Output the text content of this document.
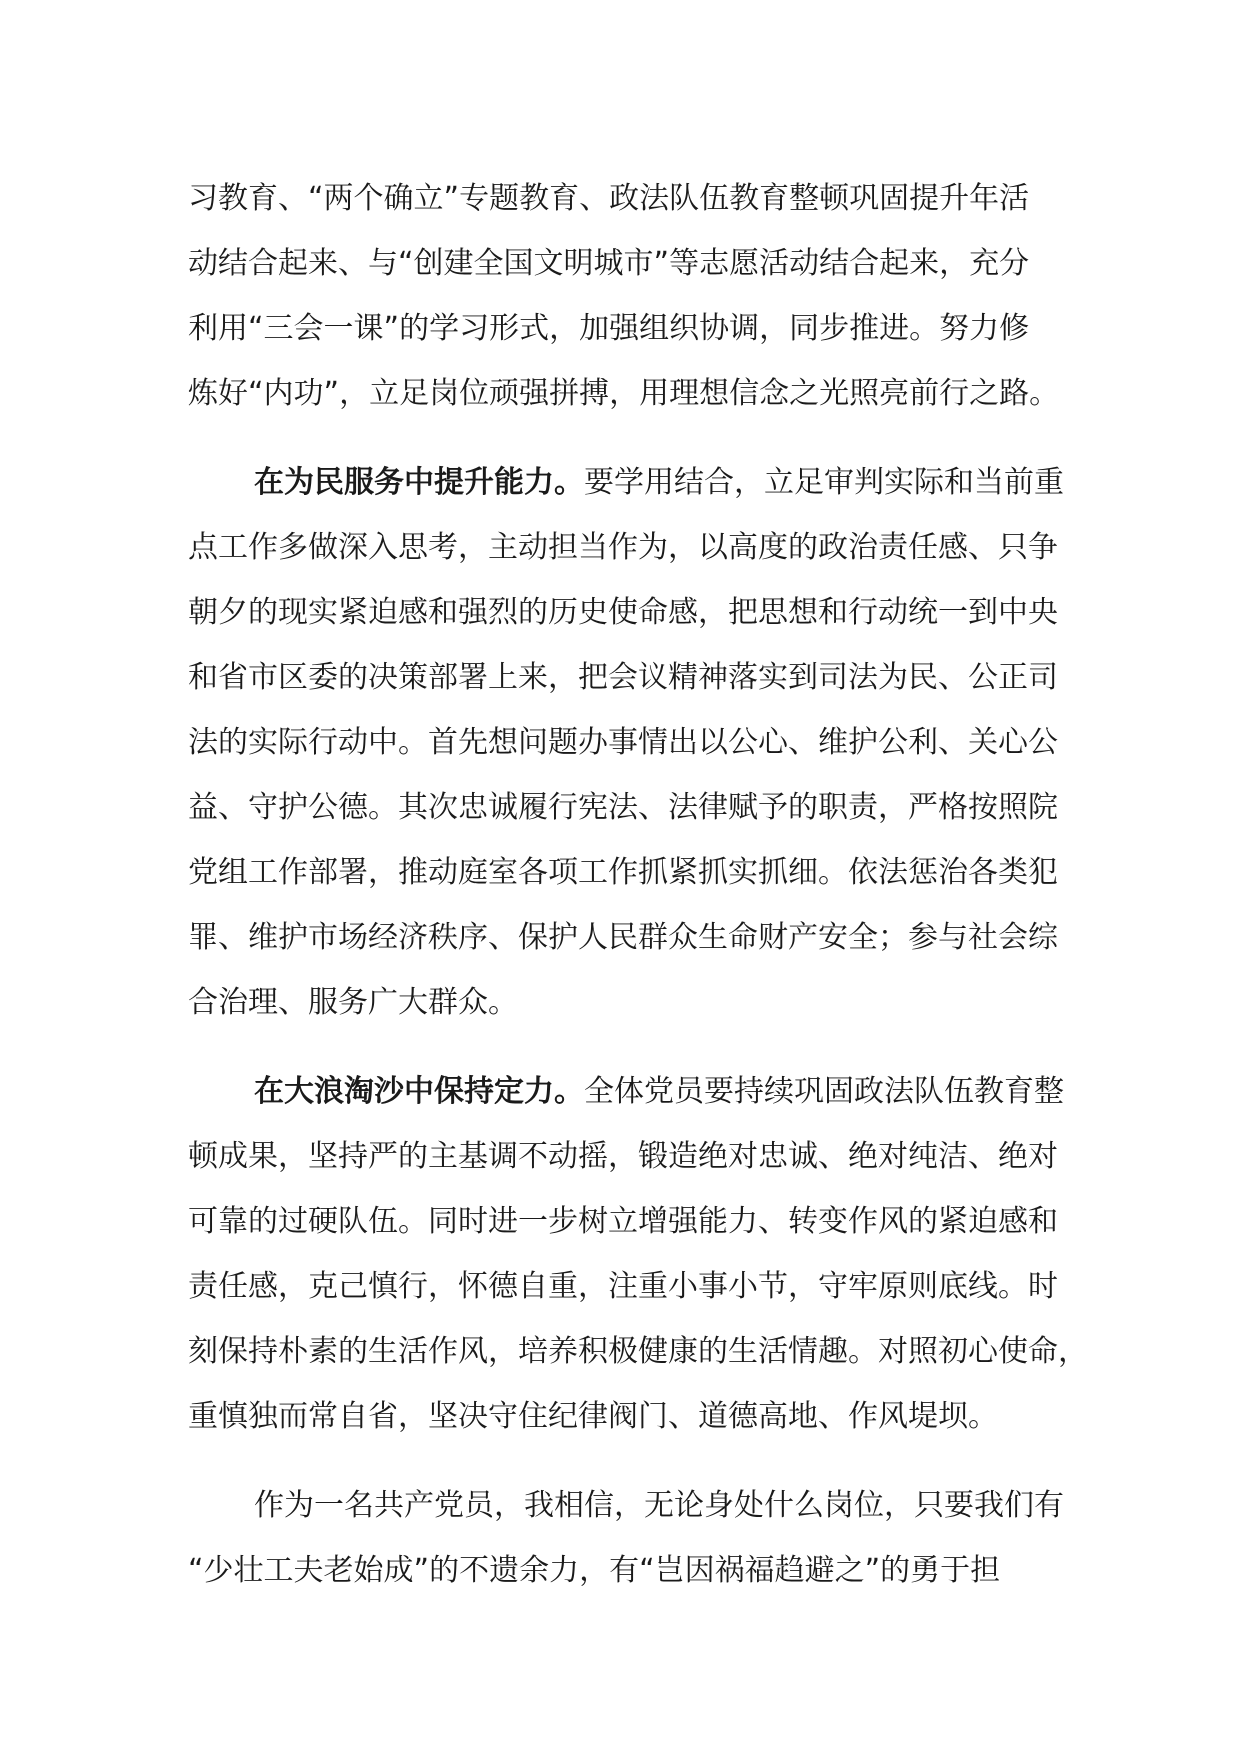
习教育、“两个确立”专题教育、政法队伍教育整顿巩固提升年活
动结合起来、与“创建全国文明城市”等志愿活动结合起来，充分
利用“三会一课”的学习形式，加强组织协调，同步推进。努力修
炼好“内功”，立足岗位顽强拼搏，用理想信念之光照亮前行之路。

在为民服务中提升能力。要学用结合，立足审判实际和当前重
点工作多做深入思考，主动担当作为，以高度的政治责任感、只争
朝夕的现实紧迫感和强烈的历史使命感，把思想和行动统一到中央
和省市区委的决策部署上来，把会议精神落实到司法为民、公正司
法的实际行动中。首先想问题办事情出以公心、维护公利、关心公
益、守护公德。其次忠诚履行宪法、法律赋予的职责，严格按照院
党组工作部署，推动庭室各项工作抓紧抓实抓细。依法惩治各类犯
罪、维护市场经济秩序、保护人民群众生命财产安全；参与社会综
合治理、服务广大群众。

在大浪淘沙中保持定力。全体党员要持续巩固政法队伍教育整
顿成果，坚持严的主基调不动摇，锻造绝对忠诚、绝对纯洁、绝对
可靠的过硬队伍。同时进一步树立增强能力、转变作风的紧迫感和
责任感，克己慎行，怀德自重，注重小事小节，守牢原则底线。时
刻保持朴素的生活作风，培养积极健康的生活情趣。对照初心使命，
重慎独而常自省，坚决守住纪律阀门、道德高地、作风堤坝。

作为一名共产党员，我相信，无论身处什么岗位，只要我们有
“少壮工夫老始成”的不遗余力，有“岂因祸福趋避之”的勇于担
